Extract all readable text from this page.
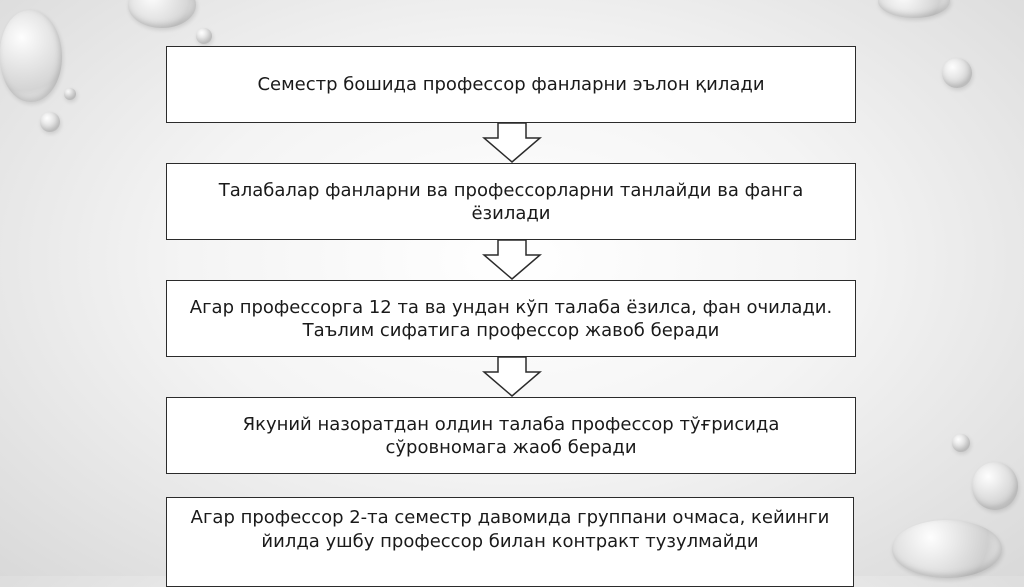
Семестр бошида профессор фанларни эълон қилади
Талабалар фанларни ва профессорларни танлайди ва фанга ёзилади
Агар профессорга 12 та ва ундан кўп талаба ёзилса, фан очилади. Таълим сифатига профессор жавоб беради
Якуний назоратдан олдин талаба профессор тўғрисида сўровномага жаоб беради
Агар профессор 2-та семестр давомида группани очмаса, кейинги йилда ушбу профессор билан контракт тузулмайди
